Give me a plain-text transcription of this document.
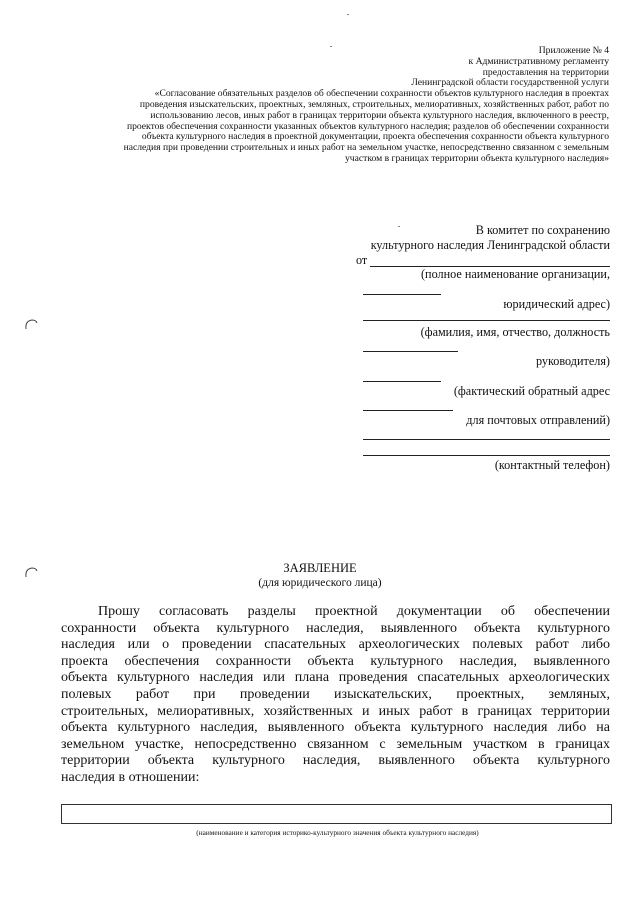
Приложение № 4
к Административному регламенту
предоставления на территории
Ленинградской области государственной услуги
«Согласование обязательных разделов об обеспечении сохранности объектов культурного наследия в проектах
проведения изыскательских, проектных, земляных, строительных, мелиоративных, хозяйственных работ, работ по
использованию лесов, иных работ в границах территории объекта культурного наследия, включенного в реестр,
проектов обеспечения сохранности указанных объектов культурного наследия; разделов об обеспечении сохранности
объекта культурного наследия в проектной документации, проекта обеспечения сохранности объекта культурного
наследия при проведении строительных и иных работ на земельном участке, непосредственно связанном с земельным
участком в границах территории объекта культурного наследия»
В комитет по сохранению
культурного наследия Ленинградской области
от
(полное наименование организации,
юридический адрес)
(фамилия, имя, отчество, должность
руководителя)
(фактический обратный адрес
для почтовых отправлений)
(контактный телефон)
ЗАЯВЛЕНИЕ
(для юридического лица)
Прошу согласовать разделы проектной документации об обеспечении
сохранности объекта культурного наследия, выявленного объекта культурного
наследия или о проведении спасательных археологических полевых работ либо
проекта обеспечения сохранности объекта культурного наследия, выявленного
объекта культурного наследия или плана проведения спасательных археологических
полевых работ при проведении изыскательских, проектных, земляных,
строительных, мелиоративных, хозяйственных и иных работ в границах территории
объекта культурного наследия, выявленного объекта культурного наследия либо на
земельном участке, непосредственно связанном с земельным участком в границах
территории объекта культурного наследия, выявленного объекта культурного
наследия в отношении:
(наименование и категория историко-культурного значения объекта культурного наследия)
